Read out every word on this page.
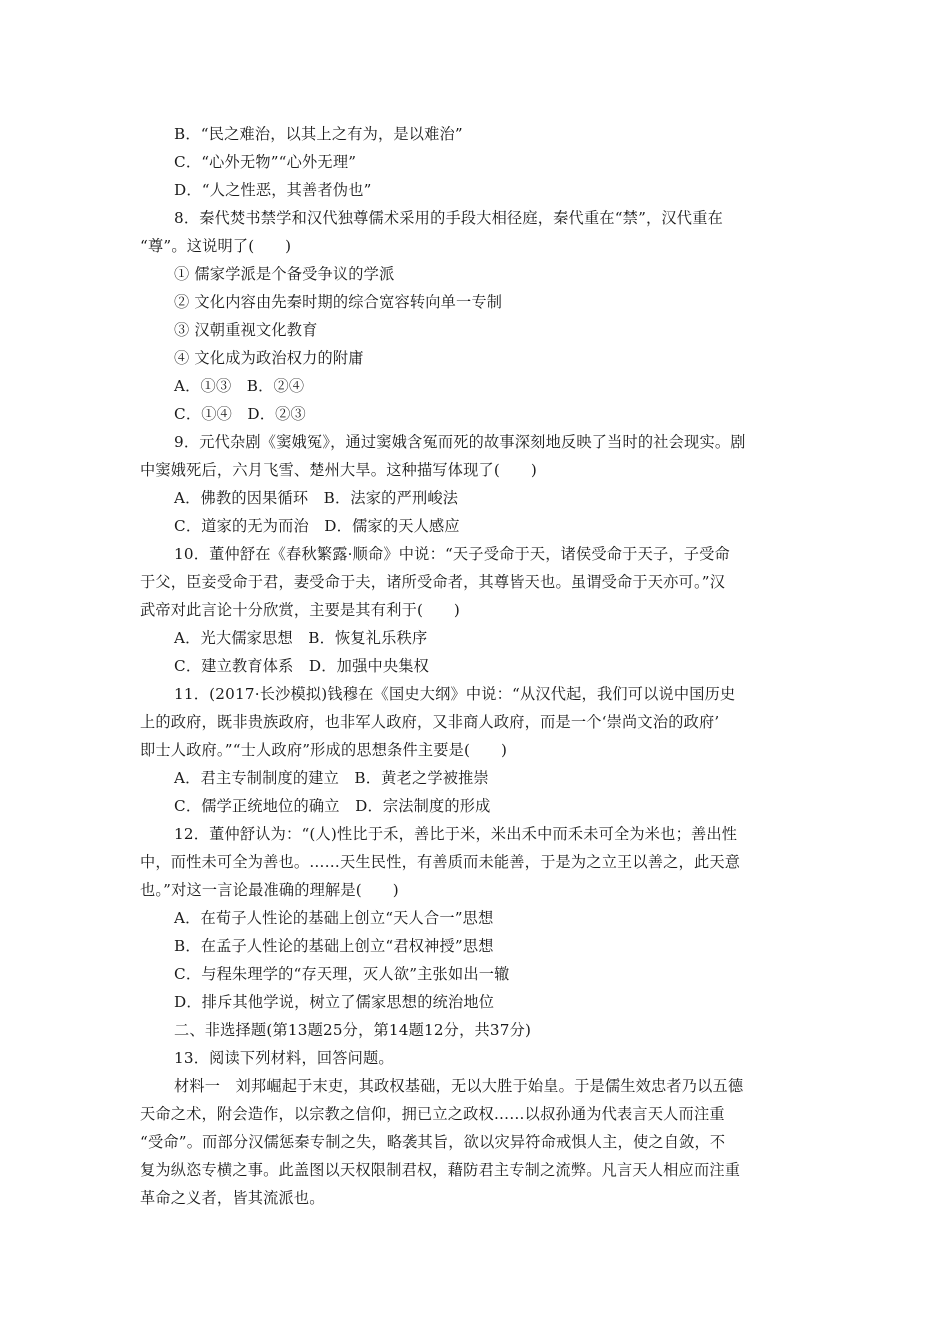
B．“民之难治，以其上之有为，是以难治”
C．“心外无物”“心外无理”
D．“人之性恶，其善者伪也”
8．秦代焚书禁学和汉代独尊儒术采用的手段大相径庭，秦代重在“禁”，汉代重在
“尊”。这说明了(　　)
① 儒家学派是个备受争议的学派
② 文化内容由先秦时期的综合宽容转向单一专制
③ 汉朝重视文化教育
④ 文化成为政治权力的附庸
A．①③　B．②④
C．①④　D．②③
9．元代杂剧《窦娥冤》，通过窦娥含冤而死的故事深刻地反映了当时的社会现实。剧
中窦娥死后，六月飞雪、楚州大旱。这种描写体现了(　　)
A．佛教的因果循环　B．法家的严刑峻法
C．道家的无为而治　D．儒家的天人感应
10．董仲舒在《春秋繁露·顺命》中说：“天子受命于天，诸侯受命于天子，子受命
于父，臣妾受命于君，妻受命于夫，诸所受命者，其尊皆天也。虽谓受命于天亦可。”汉
武帝对此言论十分欣赏，主要是其有利于(　　)
A．光大儒家思想　B．恢复礼乐秩序
C．建立教育体系　D．加强中央集权
11．(2017·长沙模拟)钱穆在《国史大纲》中说：“从汉代起，我们可以说中国历史
上的政府，既非贵族政府，也非军人政府，又非商人政府，而是一个‘崇尚文治的政府’
即士人政府。”“士人政府”形成的思想条件主要是(　　)
A．君主专制制度的建立　B．黄老之学被推崇
C．儒学正统地位的确立　D．宗法制度的形成
12．董仲舒认为：“(人)性比于禾，善比于米，米出禾中而禾未可全为米也；善出性
中，而性未可全为善也。……天生民性，有善质而未能善，于是为之立王以善之，此天意
也。”对这一言论最准确的理解是(　　)
A．在荀子人性论的基础上创立“天人合一”思想
B．在孟子人性论的基础上创立“君权神授”思想
C．与程朱理学的“存天理，灭人欲”主张如出一辙
D．排斥其他学说，树立了儒家思想的统治地位
二、非选择题(第13题25分，第14题12分，共37分)
13．阅读下列材料，回答问题。
材料一　刘邦崛起于末吏，其政权基础，无以大胜于始皇。于是儒生效忠者乃以五德
天命之术，附会造作，以宗教之信仰，拥已立之政权……以叔孙通为代表言天人而注重
“受命”。而部分汉儒惩秦专制之失，略袭其旨，欲以灾异符命戒惧人主，使之自敛，不
复为纵恣专横之事。此盖图以天权限制君权，藉防君主专制之流弊。凡言天人相应而注重
革命之义者，皆其流派也。
